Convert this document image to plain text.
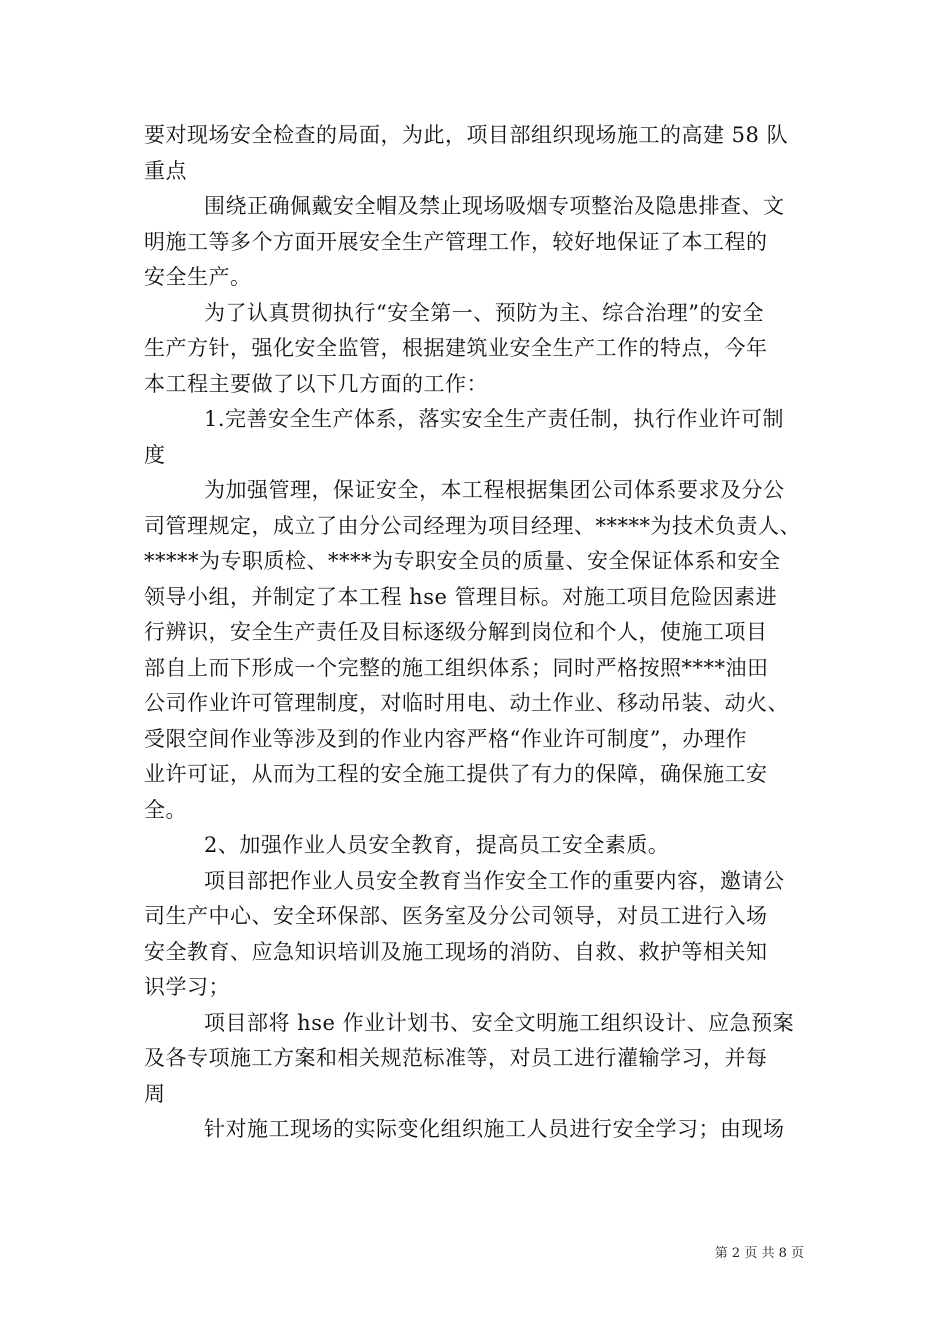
要对现场安全检查的局面，为此，项目部组织现场施工的高建 58 队
重点
围绕正确佩戴安全帽及禁止现场吸烟专项整治及隐患排查、文
明施工等多个方面开展安全生产管理工作，较好地保证了本工程的
安全生产。
为了认真贯彻执行“安全第一、预防为主、综合治理”的安全
生产方针，强化安全监管，根据建筑业安全生产工作的特点，今年
本工程主要做了以下几方面的工作：
1.完善安全生产体系，落实安全生产责任制，执行作业许可制
度
为加强管理，保证安全，本工程根据集团公司体系要求及分公
司管理规定，成立了由分公司经理为项目经理、*****为技术负责人、
*****为专职质检、****为专职安全员的质量、安全保证体系和安全
领导小组，并制定了本工程 hse 管理目标。对施工项目危险因素进
行辨识，安全生产责任及目标逐级分解到岗位和个人，使施工项目
部自上而下形成一个完整的施工组织体系；同时严格按照****油田
公司作业许可管理制度，对临时用电、动土作业、移动吊装、动火、
受限空间作业等涉及到的作业内容严格“作业许可制度”，办理作
业许可证，从而为工程的安全施工提供了有力的保障，确保施工安
全。
2、加强作业人员安全教育，提高员工安全素质。
项目部把作业人员安全教育当作安全工作的重要内容，邀请公
司生产中心、安全环保部、医务室及分公司领导，对员工进行入场
安全教育、应急知识培训及施工现场的消防、自救、救护等相关知
识学习；
项目部将 hse 作业计划书、安全文明施工组织设计、应急预案
及各专项施工方案和相关规范标准等，对员工进行灌输学习，并每
周
针对施工现场的实际变化组织施工人员进行安全学习；由现场
第 2 页 共 8 页
